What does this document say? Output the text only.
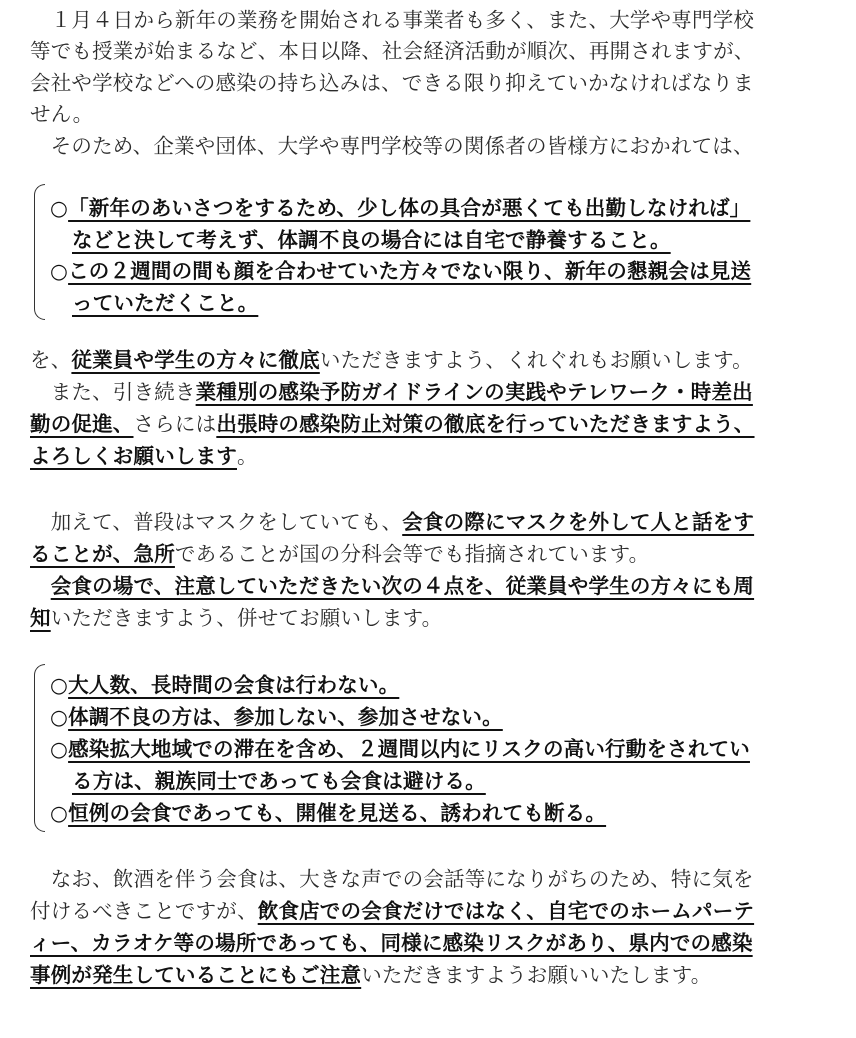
　１月４日から新年の業務を開始される事業者も多く、また、大学や専門学校
等でも授業が始まるなど、本日以降、社会経済活動が順次、再開されますが、
会社や学校などへの感染の持ち込みは、できる限り抑えていかなければなりま
せん。
　そのため、企業や団体、大学や専門学校等の関係者の皆様方におかれては、
○「新年のあいさつをするため、少し体の具合が悪くても出勤しなければ」
などと決して考えず、体調不良の場合には自宅で静養すること。
○この２週間の間も顔を合わせていた方々でない限り、新年の懇親会は見送
っていただくこと。
を、従業員や学生の方々に徹底いただきますよう、くれぐれもお願いします。
　また、引き続き業種別の感染予防ガイドラインの実践やテレワーク・時差出
勤の促進、さらには出張時の感染防止対策の徹底を行っていただきますよう、
よろしくお願いします。
　加えて、普段はマスクをしていても、会食の際にマスクを外して人と話をす
ることが、急所であることが国の分科会等でも指摘されています。
　会食の場で、注意していただきたい次の４点を、従業員や学生の方々にも周
知いただきますよう、併せてお願いします。
○大人数、長時間の会食は行わない。
○体調不良の方は、参加しない、参加させない。
○感染拡大地域での滞在を含め、２週間以内にリスクの高い行動をされてい
る方は、親族同士であっても会食は避ける。
○恒例の会食であっても、開催を見送る、誘われても断る。
　なお、飲酒を伴う会食は、大きな声での会話等になりがちのため、特に気を
付けるべきことですが、飲食店での会食だけではなく、自宅でのホームパーテ
ィー、カラオケ等の場所であっても、同様に感染リスクがあり、県内での感染
事例が発生していることにもご注意いただきますようお願いいたします。
